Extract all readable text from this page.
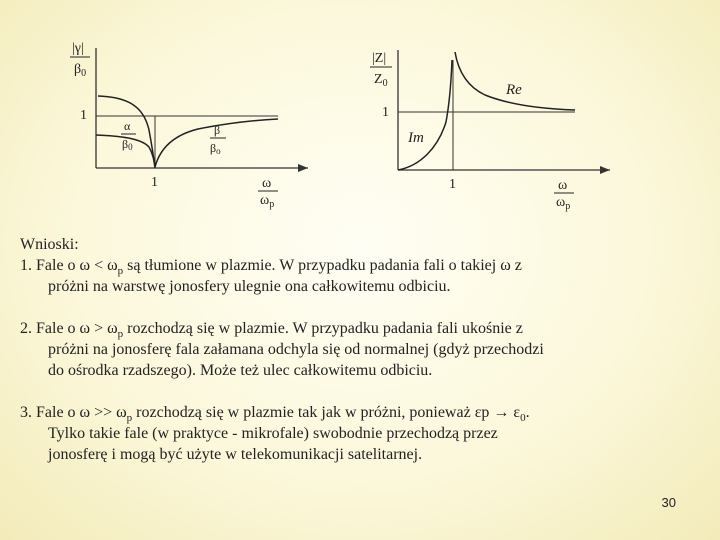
|γ|
$\beta_0$
1
α
β0
β
βo
1	ω
$\omega_p$
|Z|
$Z_0$
1
Re
Im
1	ω
$\omega_p$

Wnioski:

1. Fale o $\omega < \omega_p$ są tłumione w plazmie. W przypadku padania fali o takiej ω z
próżni na warstwę jonosfery ulegnie ona całkowitemu odbiciu.

2. Fale o $\omega > \omega_p$ rozchodzą się w plazmie. W przypadku padania fali ukośnie z
próżni na jonosferę fala załamana odchyla się od normalnej (gdyż przechodzi
do ośrodka rzadszego). Może też ulec całkowitemu odbiciu.

3. Fale o $\omega >> \omega_p$ rozchodzą się w plazmie tak jak w próżni, ponieważ $\varepsilon p \to \varepsilon_0$.
Tylko takie fale (w praktyce - mikrofale) swobodnie przechodzą przez
jonosferę i mogą być użyte w telekomunikacji satelitarnej.

30
